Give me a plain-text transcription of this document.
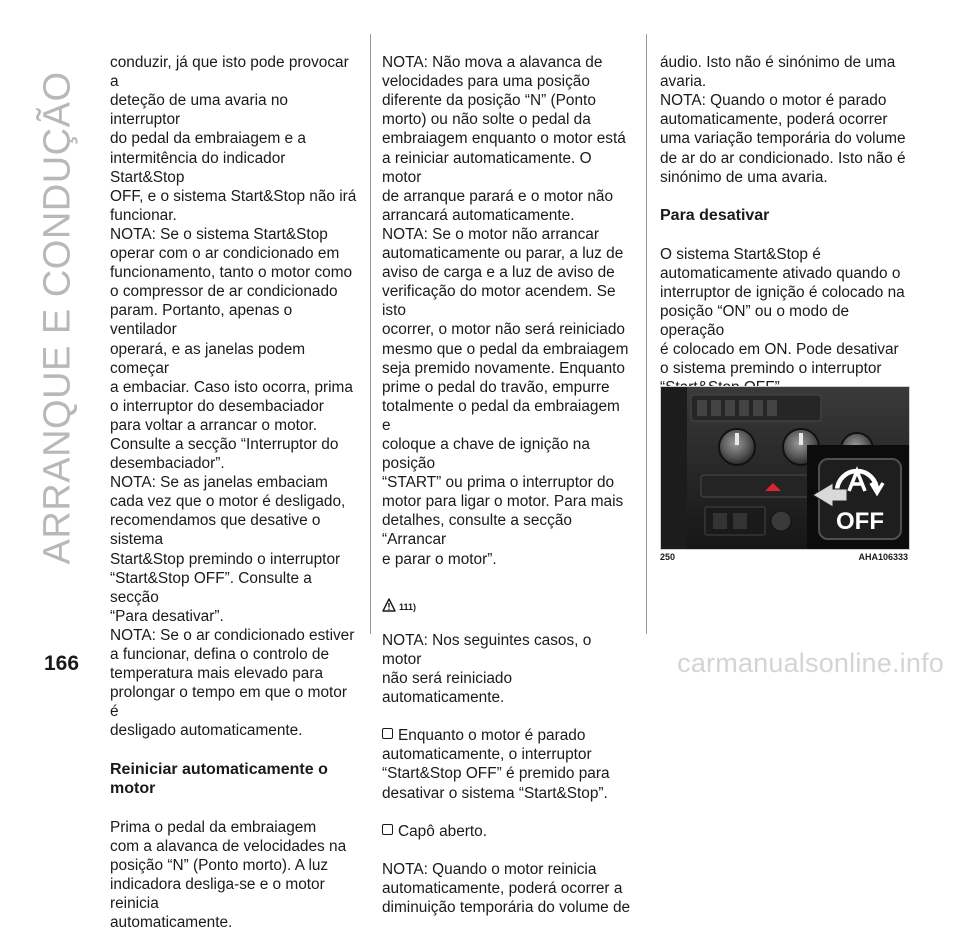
ARRANQUE E CONDUÇÃO

conduzir, já que isto pode provocar a
deteção de uma avaria no interruptor
do pedal da embraiagem e a
intermitência do indicador Start&Stop
OFF, e o sistema Start&Stop não irá
funcionar.
NOTA: Se o sistema Start&Stop
operar com o ar condicionado em
funcionamento, tanto o motor como
o compressor de ar condicionado
param. Portanto, apenas o ventilador
operará, e as janelas podem começar
a embaciar. Caso isto ocorra, prima
o interruptor do desembaciador
para voltar a arrancar o motor.
Consulte a secção “Interruptor do
desembaciador”.
NOTA: Se as janelas embaciam
cada vez que o motor é desligado,
recomendamos que desative o sistema
Start&Stop premindo o interruptor
“Start&Stop OFF”. Consulte a secção
“Para desativar”.
NOTA: Se o ar condicionado estiver
a funcionar, defina o controlo de
temperatura mais elevado para
prolongar o tempo em que o motor é
desligado automaticamente.

Reiniciar automaticamente o motor

Prima o pedal da embraiagem
com a alavanca de velocidades na
posição “N” (Ponto morto). A luz
indicadora desliga-se e o motor reinicia
automaticamente.

NOTA: Não mova a alavanca de
velocidades para uma posição
diferente da posição “N” (Ponto
morto) ou não solte o pedal da
embraiagem enquanto o motor está
a reiniciar automaticamente. O motor
de arranque parará e o motor não
arrancará automaticamente.
NOTA: Se o motor não arrancar
automaticamente ou parar, a luz de
aviso de carga e a luz de aviso de
verificação do motor acendem. Se isto
ocorrer, o motor não será reiniciado
mesmo que o pedal da embraiagem
seja premido novamente. Enquanto
prime o pedal do travão, empurre
totalmente o pedal da embraiagem e
coloque a chave de ignição na posição
“START” ou prima o interruptor do
motor para ligar o motor. Para mais
detalhes, consulte a secção “Arrancar
e parar o motor”.

111)

NOTA: Nos seguintes casos, o motor
não será reiniciado automaticamente.

Enquanto o motor é parado
automaticamente, o interruptor
“Start&Stop OFF” é premido para
desativar o sistema “Start&Stop”.

Capô aberto.

NOTA: Quando o motor reinicia
automaticamente, poderá ocorrer a
diminuição temporária do volume de

áudio. Isto não é sinónimo de uma
avaria.
NOTA: Quando o motor é parado
automaticamente, poderá ocorrer
uma variação temporária do volume
de ar do ar condicionado. Isto não é
sinónimo de uma avaria.

Para desativar

O sistema Start&Stop é
automaticamente ativado quando o
interruptor de ignição é colocado na
posição “ON” ou o modo de operação
é colocado em ON. Pode desativar
o sistema premindo o interruptor

OFF
250	AHA106333
166	carmanualsonline.info
